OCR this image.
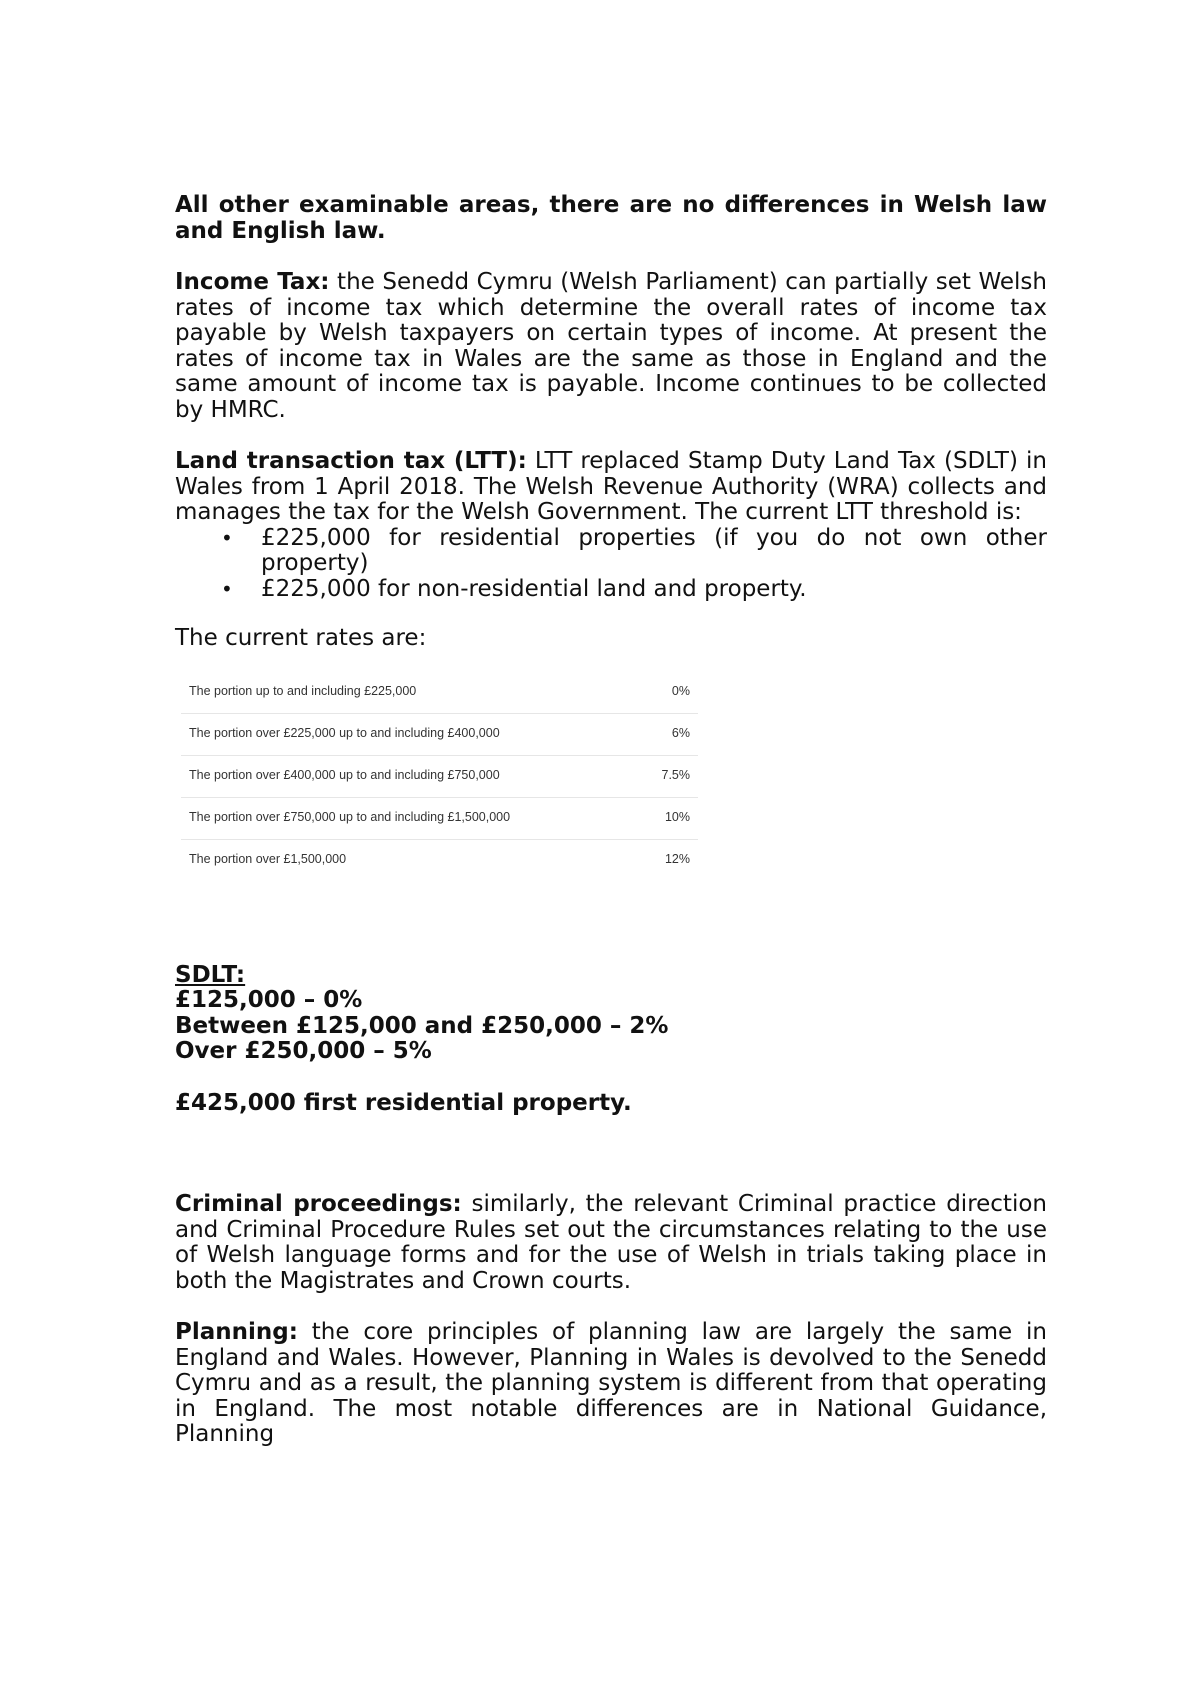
All other examinable areas, there are no differences in Welsh law and English law.

Income Tax: the Senedd Cymru (Welsh Parliament) can partially set Welsh rates of income tax which determine the overall rates of income tax payable by Welsh taxpayers on certain types of income. At present the rates of income tax in Wales are the same as those in England and the same amount of income tax is payable. Income continues to be collected by HMRC.

Land transaction tax (LTT): LTT replaced Stamp Duty Land Tax (SDLT) in Wales from 1 April 2018. The Welsh Revenue Authority (WRA) collects and manages the tax for the Welsh Government. The current LTT threshold is:

• £225,000 for residential properties (if you do not own other property)
• £225,000 for non-residential land and property.

The current rates are:

The portion up to and including £225,000	0%
The portion over £225,000 up to and including £400,000	6%
The portion over £400,000 up to and including £750,000	7.5%
The portion over £750,000 up to and including £1,500,000	10%
The portion over £1,500,000	12%
SDLT:
£125,000 – 0%
Between £125,000 and £250,000 – 2%
Over £250,000 – 5%
£425,000 first residential property.

Criminal proceedings: similarly, the relevant Criminal practice direction and Criminal Procedure Rules set out the circumstances relating to the use of Welsh language forms and for the use of Welsh in trials taking place in both the Magistrates and Crown courts.

Planning: the core principles of planning law are largely the same in England and Wales. However, Planning in Wales is devolved to the Senedd Cymru and as a result, the planning system is different from that operating in England. The most notable differences are in National Guidance, Planning
